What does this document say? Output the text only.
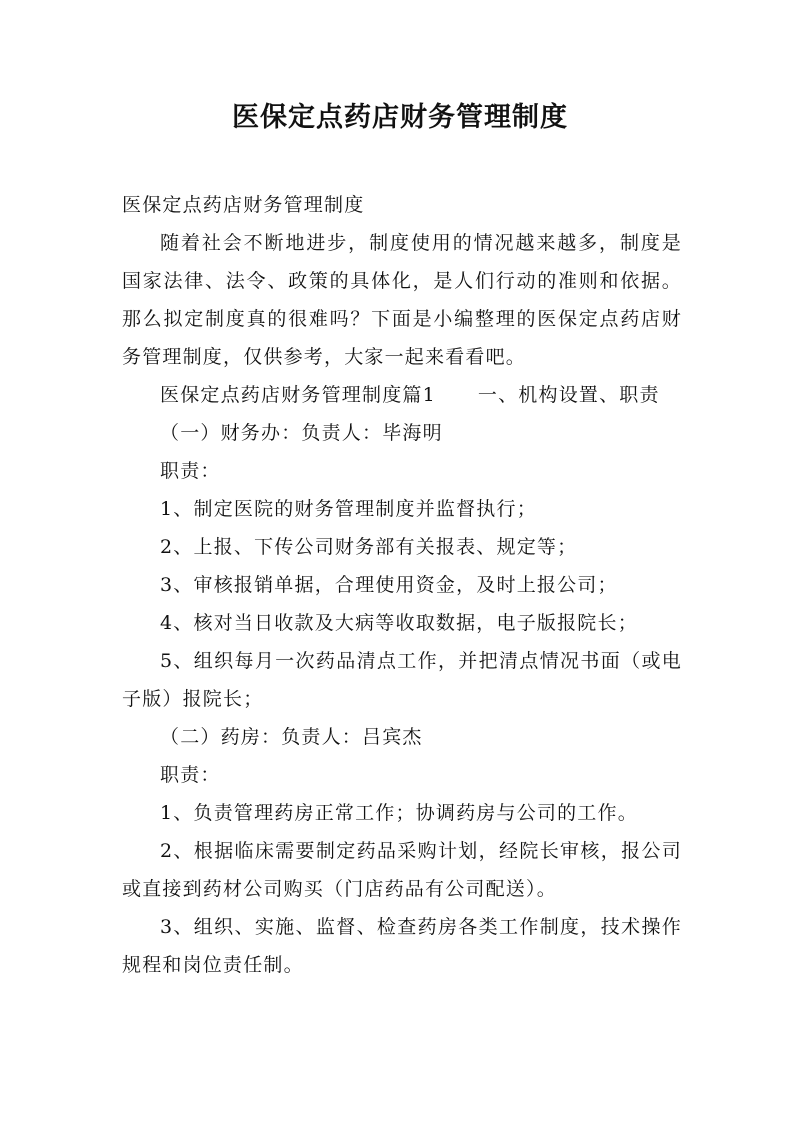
医保定点药店财务管理制度

医保定点药店财务管理制度

随着社会不断地进步，制度使用的情况越来越多，制度是国家法律、法令、政策的具体化，是人们行动的准则和依据。那么拟定制度真的很难吗？下面是小编整理的医保定点药店财务管理制度，仅供参考，大家一起来看看吧。

医保定点药店财务管理制度篇1 一、机构设置、职责

（一）财务办：负责人：毕海明

职责：

1、制定医院的财务管理制度并监督执行；

2、上报、下传公司财务部有关报表、规定等；

3、审核报销单据，合理使用资金，及时上报公司；

4、核对当日收款及大病等收取数据，电子版报院长；

5、组织每月一次药品清点工作，并把清点情况书面（或电子版）报院长；

（二）药房：负责人：吕宾杰

职责：

1、负责管理药房正常工作；协调药房与公司的工作。

2、根据临床需要制定药品采购计划，经院长审核，报公司或直接到药材公司购买（门店药品有公司配送）。

3、组织、实施、监督、检查药房各类工作制度，技术操作规程和岗位责任制。
